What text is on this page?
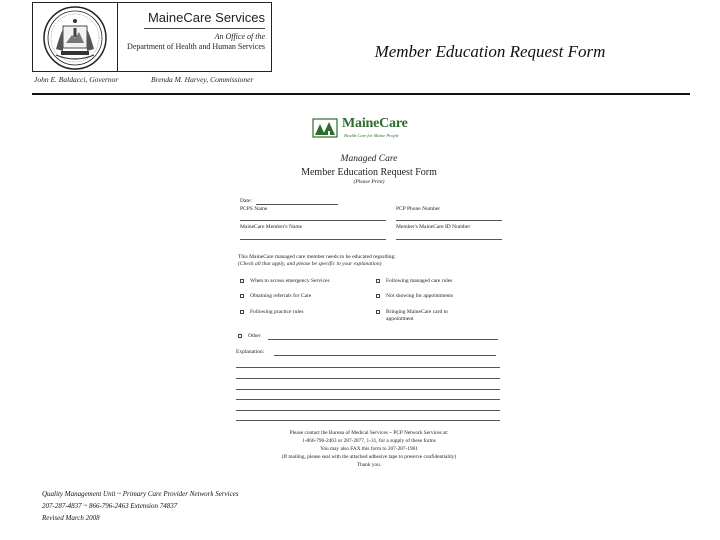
MaineCare Services
An Office of the
Department of Health and Human Services
John E. Baldacci, Governor	Brenda M. Harvey, Commissioner
Member Education Request Form
MaineCare
Health Care for Maine People
Managed Care
Member Education Request Form
(Please Print)
Date:
PCPS Name	PCP Phone Number
MaineCare Member's Name	Member's MaineCare ID Number
This MaineCare managed care member needs to be educated regarding:
(Check all that apply, and please be specific in your explanation)
When to access emergency Services	Following managed care rules
Obtaining referrals for Care	Not showing for appointments
Following practice rules	Bringing MaineCare card to appointment
Other
Explanation:
Please contact the Bureau of Medical Services ~ PCP Network Services at:
1-866-796-2463 or 287-2877, 1-31, for a supply of these forms
You may also FAX this form to 207-287-1961
(If mailing, please seal with the attached adhesive tape to preserve confidentiality)
Thank you.
Quality Management Unit ~ Primary Care Provider Network Services
207-287-4837 ~ 866-796-2463 Extension 74837
Revised March 2008
